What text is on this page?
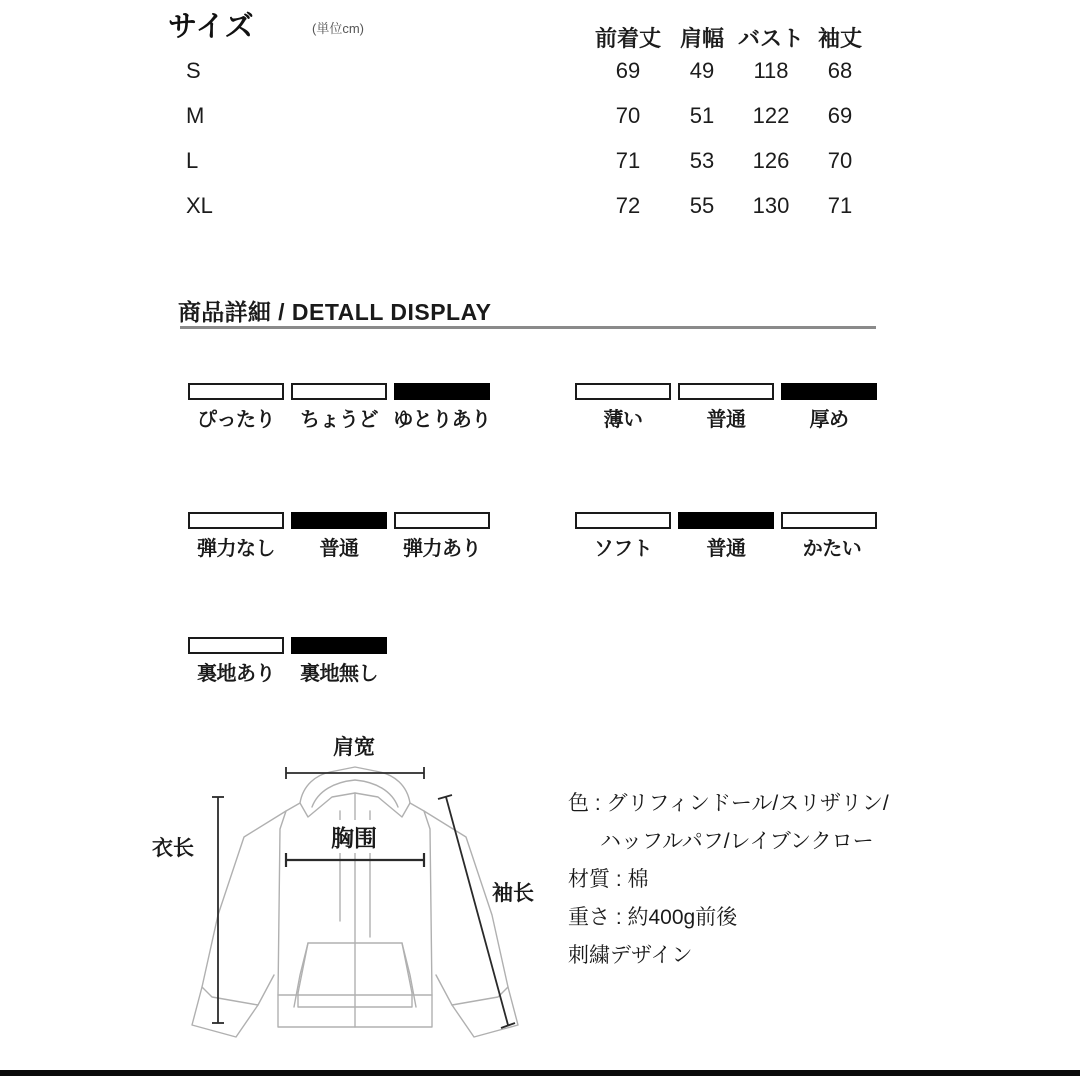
サイズ	(単位cm)	前着丈 肩幅 バスト 袖丈
S	69	49	118	68
M	70	51	122	69
L	71	53	126	70
XL	72	55	130	71
商品詳細 / DETALL DISPLAY
ぴったり	ちょうど ゆとりあり	薄い	普通	厚め
弾力なし	普通	弾力あり	ソフト	普通	かたい
裏地あり	裏地無し
肩宽
衣长	胸围
袖长
色 : グリフィンドール/スリザリン/
ハッフルパフ/レイブンクロー
材質 : 棉
重さ : 約400g前後
刺繍デザイン
